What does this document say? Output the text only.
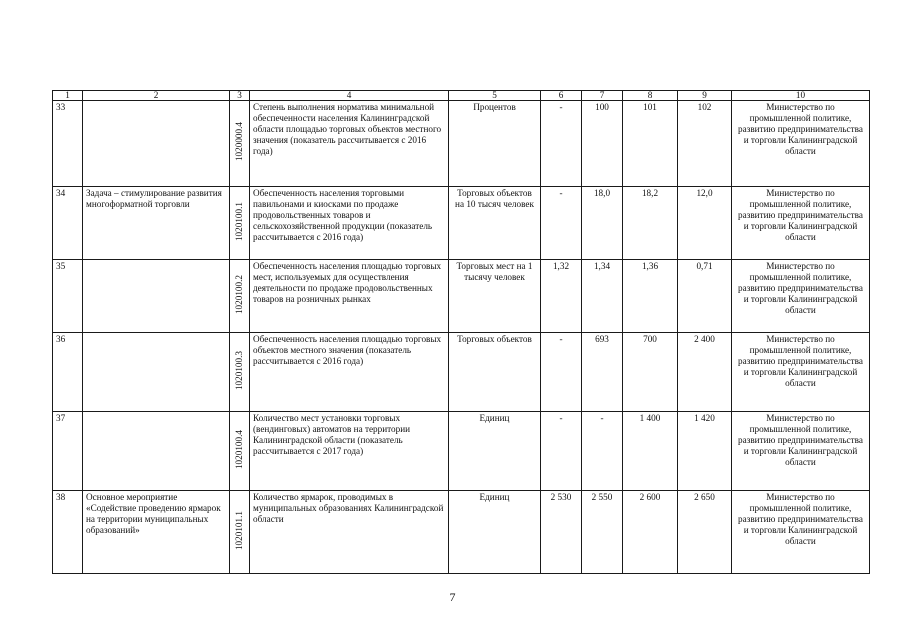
1	2	3	4	5	6	7	8	9	10
33		1020000.4	Степень выполнения норматива минимальной обеспеченности населения Калининградской области площадью торговых объектов местного значения (показатель рассчитывается с 2016 года)	Процентов	-	100	101	102	Министерство по промышленной политике, развитию предпринимательства и торговли Калининградской области
34	Задача – стимулирование развития многоформатной торговли	1020100.1	Обеспеченность населения торговыми павильонами и киосками по продаже продовольственных товаров и сельскохозяйственной продукции (показатель рассчитывается с 2016 года)	Торговых объектов на 10 тысяч человек	-	18,0	18,2	12,0	Министерство по промышленной политике, развитию предпринимательства и торговли Калининградской области
35		1020100.2	Обеспеченность населения площадью торговых мест, используемых для осуществления деятельности по продаже продовольственных товаров на розничных рынках	Торговых мест на 1 тысячу человек	1,32	1,34	1,36	0,71	Министерство по промышленной политике, развитию предпринимательства и торговли Калининградской области
36		1020100.3	Обеспеченность населения площадью торговых объектов местного значения (показатель рассчитывается с 2016 года)	Торговых объектов	-	693	700	2 400	Министерство по промышленной политике, развитию предпринимательства и торговли Калининградской области
37		1020100.4	Количество мест установки торговых (вендинговых) автоматов на территории Калининградской области (показатель рассчитывается с 2017 года)	Единиц	-	-	1 400	1 420	Министерство по промышленной политике, развитию предпринимательства и торговли Калининградской области
38	Основное мероприятие «Содействие проведению ярмарок на территории муниципальных образований»	1020101.1	Количество ярмарок, проводимых в муниципальных образованиях Калининградской области	Единиц	2 530	2 550	2 600	2 650	Министерство по промышленной политике, развитию предпринимательства и торговли Калининградской области
7
